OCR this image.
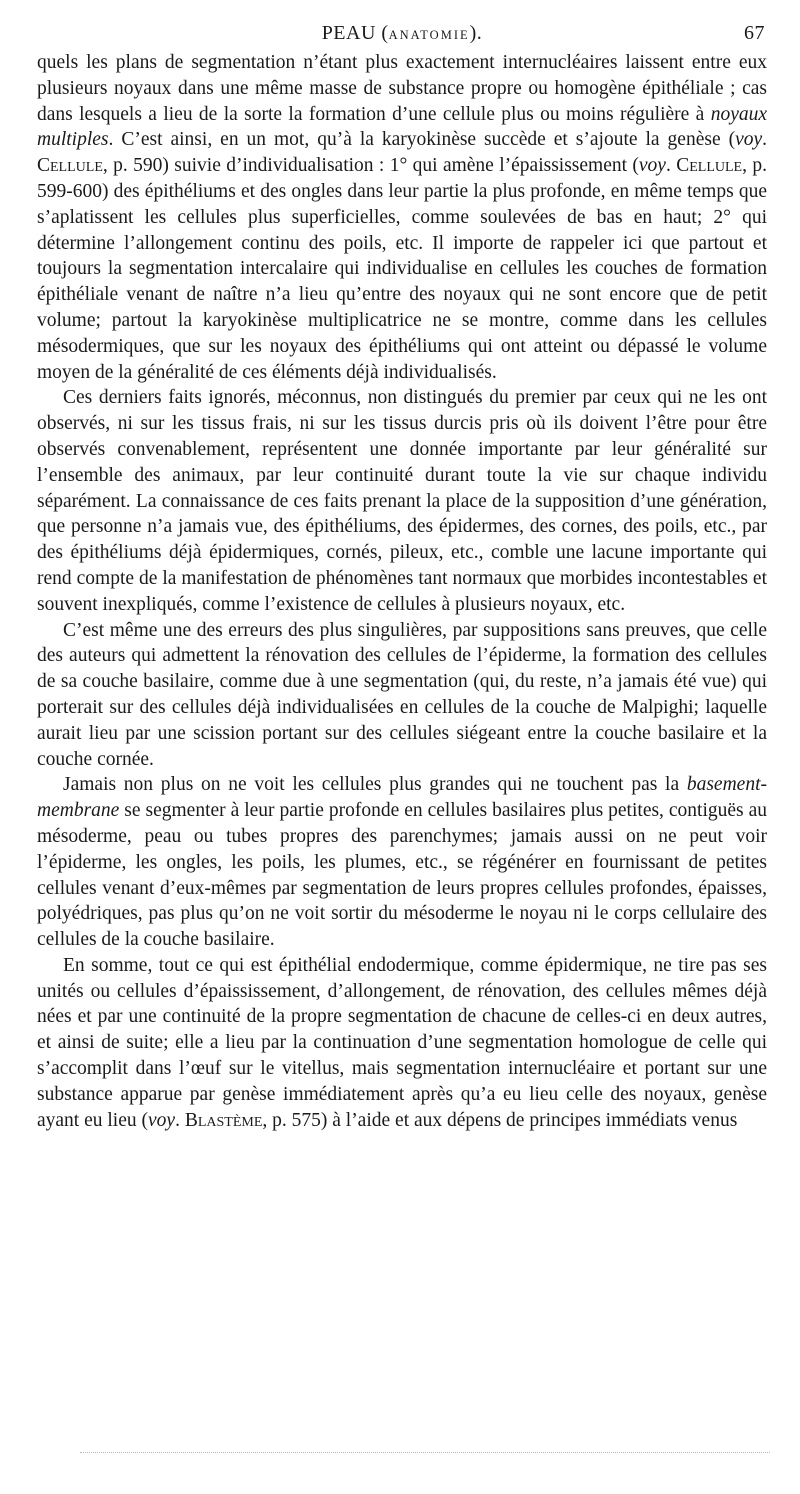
PEAU (ANATOMIE).	67

quels les plans de segmentation n’étant plus exactement internucléaires laissent entre eux plusieurs noyaux dans une même masse de substance propre ou homogène épithéliale ; cas dans lesquels a lieu de la sorte la formation d’une cellule plus ou moins régulière à noyaux multiples. C’est ainsi, en un mot, qu’à la karyokinèse succède et s’ajoute la genèse (voy. Cellule, p. 590) suivie d’individualisation : 1° qui amène l’épaississement (voy. Cellule, p. 599-600) des épithéliums et des ongles dans leur partie la plus profonde, en même temps que s’aplatissent les cellules plus superficielles, comme soulevées de bas en haut; 2° qui détermine l’allongement continu des poils, etc. Il importe de rappeler ici que partout et toujours la segmentation intercalaire qui individualise en cellules les couches de formation épithéliale venant de naître n’a lieu qu’entre des noyaux qui ne sont encore que de petit volume; partout la karyokinèse multiplicatrice ne se montre, comme dans les cellules mésodermiques, que sur les noyaux des épithéliums qui ont atteint ou dépassé le volume moyen de la généralité de ces éléments déjà individualisés.

Ces derniers faits ignorés, méconnus, non distingués du premier par ceux qui ne les ont observés, ni sur les tissus frais, ni sur les tissus durcis pris où ils doivent l’être pour être observés convenablement, représentent une donnée importante par leur généralité sur l’ensemble des animaux, par leur continuité durant toute la vie sur chaque individu séparément. La connaissance de ces faits prenant la place de la supposition d’une génération, que personne n’a jamais vue, des épithéliums, des épidermes, des cornes, des poils, etc., par des épithéliums déjà épidermiques, cornés, pileux, etc., comble une lacune importante qui rend compte de la manifestation de phénomènes tant normaux que morbides incontestables et souvent inexpliqués, comme l’existence de cellules à plusieurs noyaux, etc.

C’est même une des erreurs des plus singulières, par suppositions sans preuves, que celle des auteurs qui admettent la rénovation des cellules de l’épiderme, la formation des cellules de sa couche basilaire, comme due à une segmentation (qui, du reste, n’a jamais été vue) qui porterait sur des cellules déjà individualisées en cellules de la couche de Malpighi; laquelle aurait lieu par une scission portant sur des cellules siégeant entre la couche basilaire et la couche cornée.

Jamais non plus on ne voit les cellules plus grandes qui ne touchent pas la basement-membrane se segmenter à leur partie profonde en cellules basilaires plus petites, contiguës au mésoderme, peau ou tubes propres des parenchymes; jamais aussi on ne peut voir l’épiderme, les ongles, les poils, les plumes, etc., se régénérer en fournissant de petites cellules venant d’eux-mêmes par segmentation de leurs propres cellules profondes, épaisses, polyédriques, pas plus qu’on ne voit sortir du mésoderme le noyau ni le corps cellulaire des cellules de la couche basilaire.

En somme, tout ce qui est épithélial endodermique, comme épidermique, ne tire pas ses unités ou cellules d’épaississement, d’allongement, de rénovation, des cellules mêmes déjà nées et par une continuité de la propre segmentation de chacune de celles-ci en deux autres, et ainsi de suite; elle a lieu par la continuation d’une segmentation homologue de celle qui s’accomplit dans l’œuf sur le vitellus, mais segmentation internucléaire et portant sur une substance apparue par genèse immédiatement après qu’a eu lieu celle des noyaux, genèse ayant eu lieu (voy. Blastème, p. 575) à l’aide et aux dépens de principes immédiats venus
